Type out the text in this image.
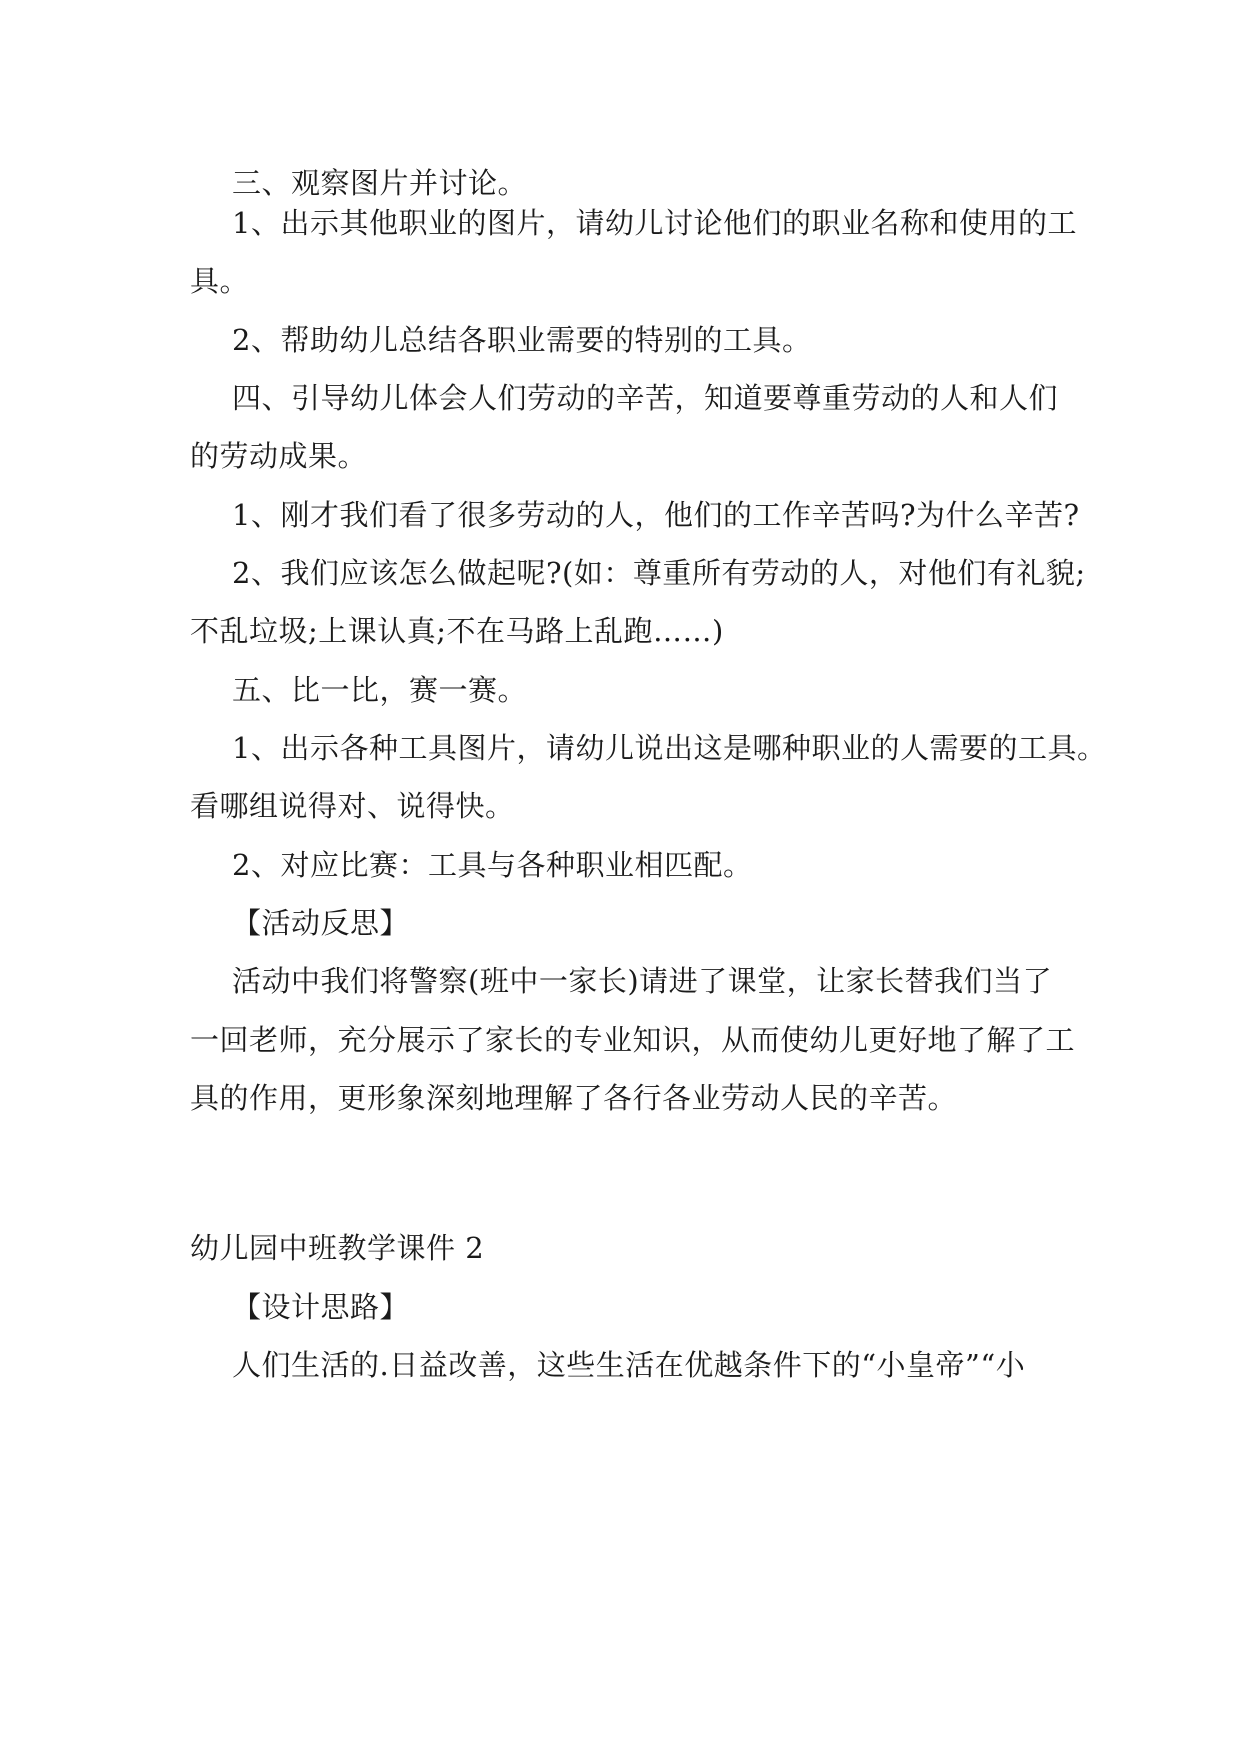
三、观察图片并讨论。

1、出示其他职业的图片，请幼儿讨论他们的职业名称和使用的工

具。

2、帮助幼儿总结各职业需要的特别的工具。

四、引导幼儿体会人们劳动的辛苦，知道要尊重劳动的人和人们

的劳动成果。

1、刚才我们看了很多劳动的人，他们的工作辛苦吗?为什么辛苦?

2、我们应该怎么做起呢?(如：尊重所有劳动的人，对他们有礼貌;

不乱垃圾;上课认真;不在马路上乱跑……)

五、比一比，赛一赛。

1、出示各种工具图片，请幼儿说出这是哪种职业的人需要的工具。

看哪组说得对、说得快。

2、对应比赛：工具与各种职业相匹配。

【活动反思】

活动中我们将警察(班中一家长)请进了课堂，让家长替我们当了

一回老师，充分展示了家长的专业知识，从而使幼儿更好地了解了工

具的作用，更形象深刻地理解了各行各业劳动人民的辛苦。

幼儿园中班教学课件 2

【设计思路】

人们生活的.日益改善，这些生活在优越条件下的“小皇帝”“小
